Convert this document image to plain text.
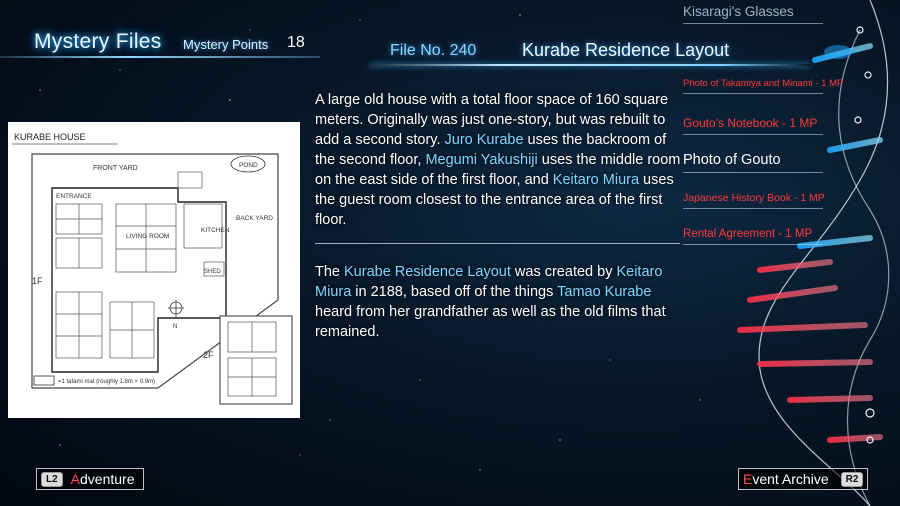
Mystery Files Mystery Points 18	File No. 240	Kurabe Residence Layout
KURABE HOUSE
FRONT YARD	POND
ENTRANCE
LIVING ROOM
KITCHEN
BACK YARD
SHED
1F
N
2F
=1 tatami mat (roughly 1.8m × 0.9m)
A large old house with a total floor space of 160 square meters. Originally was just one-story, but was rebuilt to add a second story. Juro Kurabe uses the backroom of the second floor, Megumi Yakushiji uses the middle room on the east side of the first floor, and Keitaro Miura uses the guest room closest to the entrance area of the first floor.
The Kurabe Residence Layout was created by Keitaro Miura in 2188, based off of the things Tamao Kurabe heard from her grandfather as well as the old films that remained.
Kisaragi's Glasses
Photo of Takamiya and Minami - 1 MP
Gouto's Notebook - 1 MP
Photo of Gouto
Japanese History Book - 1 MP
Rental Agreement - 1 MP
L2 Adventure	Event Archive	R2
